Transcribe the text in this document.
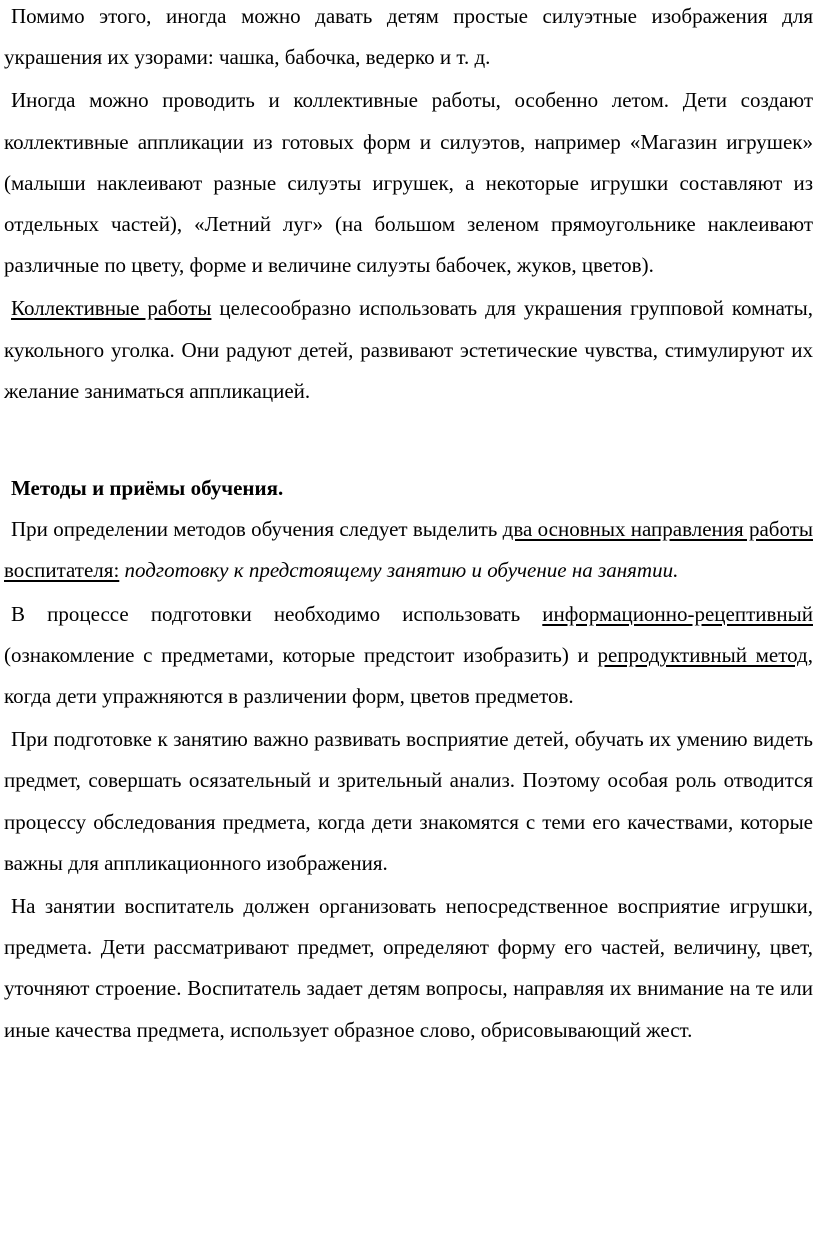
Помимо этого, иногда можно давать детям простые силуэтные изображения для украшения их узорами: чашка, бабочка, ведерко и т. д.

Иногда можно проводить и коллективные работы, особенно летом. Дети создают коллективные аппликации из готовых форм и силуэтов, например «Магазин игрушек» (малыши наклеивают разные силуэты игрушек, а некоторые игрушки составляют из отдельных частей), «Летний луг» (на большом зеленом прямоугольнике наклеивают различные по цвету, форме и величине силуэты бабочек, жуков, цветов).

Коллективные работы целесообразно использовать для украшения групповой комнаты, кукольного уголка. Они радуют детей, развивают эстетические чувства, стимулируют их желание заниматься аппликацией.

Методы и приёмы обучения.

При определении методов обучения следует выделить два основных направления работы воспитателя: подготовку к предстоящему занятию и обучение на занятии.

В процессе подготовки необходимо использовать информационно-рецептивный (ознакомление с предметами, которые предстоит изобразить) и репродуктивный метод, когда дети упражняются в различении форм, цветов предметов.

При подготовке к занятию важно развивать восприятие детей, обучать их умению видеть предмет, совершать осязательный и зрительный анализ. Поэтому особая роль отводится процессу обследования предмета, когда дети знакомятся с теми его качествами, которые важны для аппликационного изображения.

На занятии воспитатель должен организовать непосредственное восприятие игрушки, предмета. Дети рассматривают предмет, определяют форму его частей, величину, цвет, уточняют строение. Воспитатель задает детям вопросы, направляя их внимание на те или иные качества предмета, использует образное слово, обрисовывающий жест.
